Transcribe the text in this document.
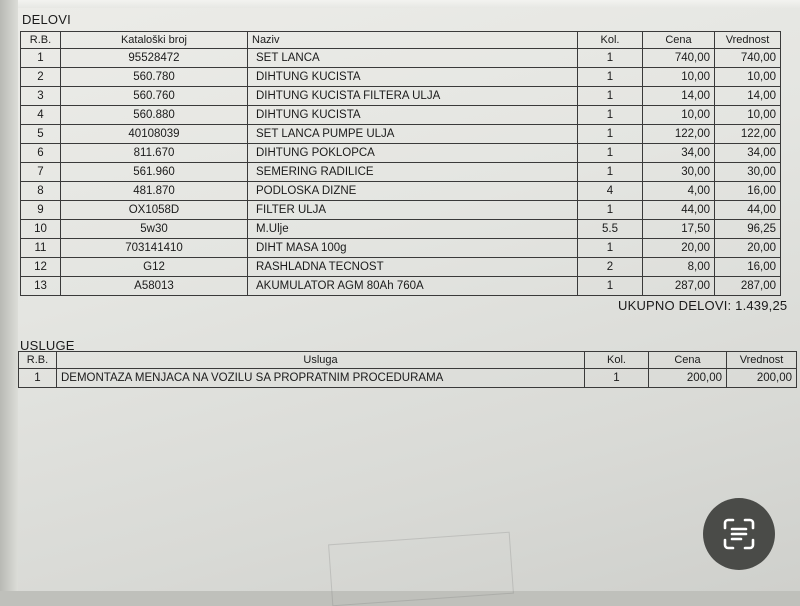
DELOVI
R.B.	Kataloški broj	Naziv	Kol.	Cena	Vrednost
1	95528472	SET LANCA	1	740,00	740,00
2	560.780	DIHTUNG KUCISTA	1	10,00	10,00
3	560.760	DIHTUNG KUCISTA FILTERA ULJA	1	14,00	14,00
4	560.880	DIHTUNG KUCISTA	1	10,00	10,00
5	40108039	SET LANCA PUMPE ULJA	1	122,00	122,00
6	811.670	DIHTUNG POKLOPCA	1	34,00	34,00
7	561.960	SEMERING RADILICE	1	30,00	30,00
8	481.870	PODLOSKA DIZNE	4	4,00	16,00
9	OX1058D	FILTER ULJA	1	44,00	44,00
10	5w30	M.Ulje	5.5	17,50	96,25
11	703141410	DIHT MASA 100g	1	20,00	20,00
12	G12	RASHLADNA TECNOST	2	8,00	16,00
13	A58013	AKUMULATOR AGM 80Ah 760A	1	287,00	287,00
UKUPNO DELOVI: 1.439,25
USLUGE
R.B.	Usluga	Kol.	Cena	Vrednost
1	DEMONTAZA MENJACA NA VOZILU SA PROPRATNIM PROCEDURAMA	1	200,00	200,00
